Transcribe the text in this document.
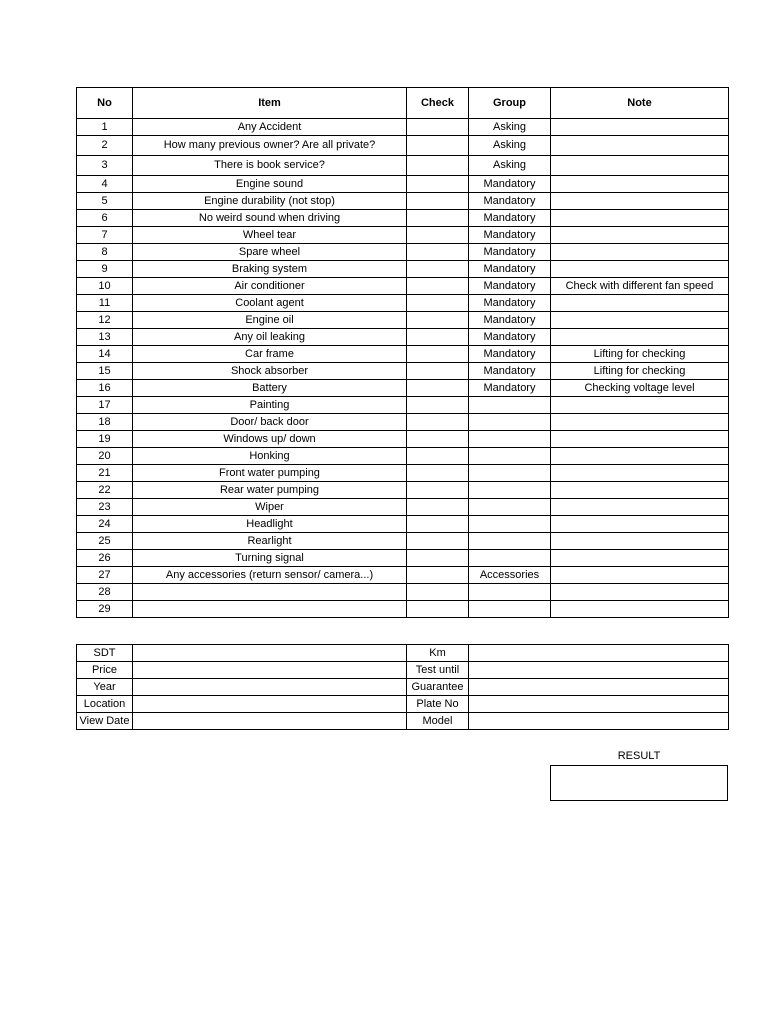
No	Item	Check	Group	Note
1	Any Accident		Asking	
2	How many previous owner? Are all private?		Asking	
3	There is book service?		Asking	
4	Engine sound		Mandatory	
5	Engine durability (not stop)		Mandatory	
6	No weird sound when driving		Mandatory	
7	Wheel tear		Mandatory	
8	Spare wheel		Mandatory	
9	Braking system		Mandatory	
10	Air conditioner		Mandatory	Check with different fan speed
11	Coolant agent		Mandatory	
12	Engine oil		Mandatory	
13	Any oil leaking		Mandatory	
14	Car frame		Mandatory	Lifting for checking
15	Shock absorber		Mandatory	Lifting for checking
16	Battery		Mandatory	Checking voltage level
17	Painting			
18	Door/ back door			
19	Windows up/ down			
20	Honking			
21	Front water pumping			
22	Rear water pumping			
23	Wiper			
24	Headlight			
25	Rearlight			
26	Turning signal			
27	Any accessories (return sensor/ camera...)		Accessories	
28				
29				
SDT		Km	
Price		Test until	
Year		Guarantee	
Location		Plate No	
View Date		Model	
RESULT
